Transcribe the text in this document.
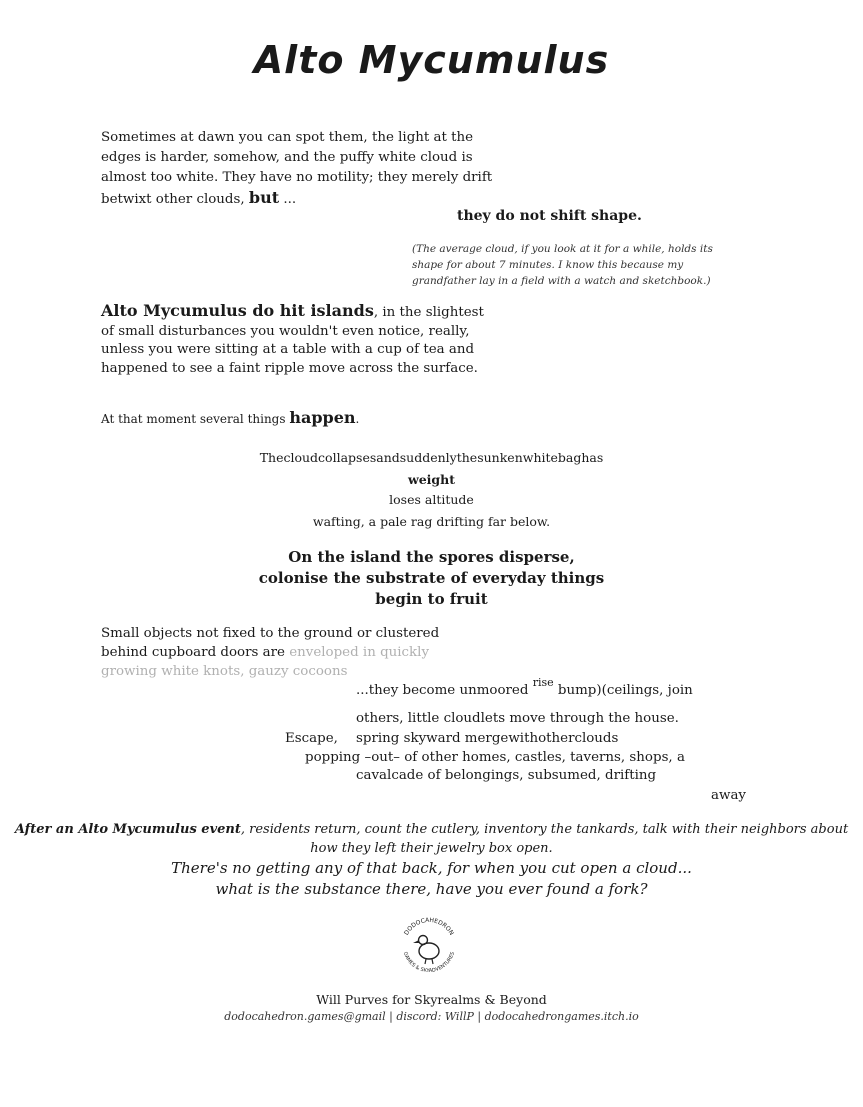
Alto Mycumulus
Sometimes at dawn you can spot them, the light at the edges is harder, somehow, and the puffy white cloud is almost too white. They have no motility; they merely drift betwixt other clouds, but ...
they do not shift shape.
(The average cloud, if you look at it for a while, holds its shape for about 7 minutes. I know this because my grandfather lay in a field with a watch and sketchbook.)
Alto Mycumulus do hit islands, in the slightest of small disturbances you wouldn't even notice, really, unless you were sitting at a table with a cup of tea and happened to see a faint ripple move across the surface.
At that moment several things happen.
Thecloudcollapsesandsuddenlythesunkenwhitebaghas
weight
loses altitude
wafting, a pale rag drifting far below.
On the island the spores disperse,
colonise the substrate of everyday things
begin to fruit
Small objects not fixed to the ground or clustered behind cupboard doors are enveloped in quickly growing white knots, gauzy cocoons
...they become unmoored $^{rise}$ bump)(ceilings, join
others, little cloudlets move through the house.
Escape, spring skyward mergewithotherclouds
popping –out– of other homes, castles, taverns, shops, a
cavalcade of belongings, subsumed, drifting
away
After an Alto Mycumulus event, residents return, count the cutlery, inventory the tankards, talk with their neighbors about how they left their jewelry box open.
There's no getting any of that back, for when you cut open a cloud...
what is the substance there, have you ever found a fork?
DODOCAHEDRON
GAMES & SKYADVENTURES
Will Purves for Skyrealms & Beyond
dodocahedron.games@gmail | discord: WillP | dodocahedrongames.itch.io
